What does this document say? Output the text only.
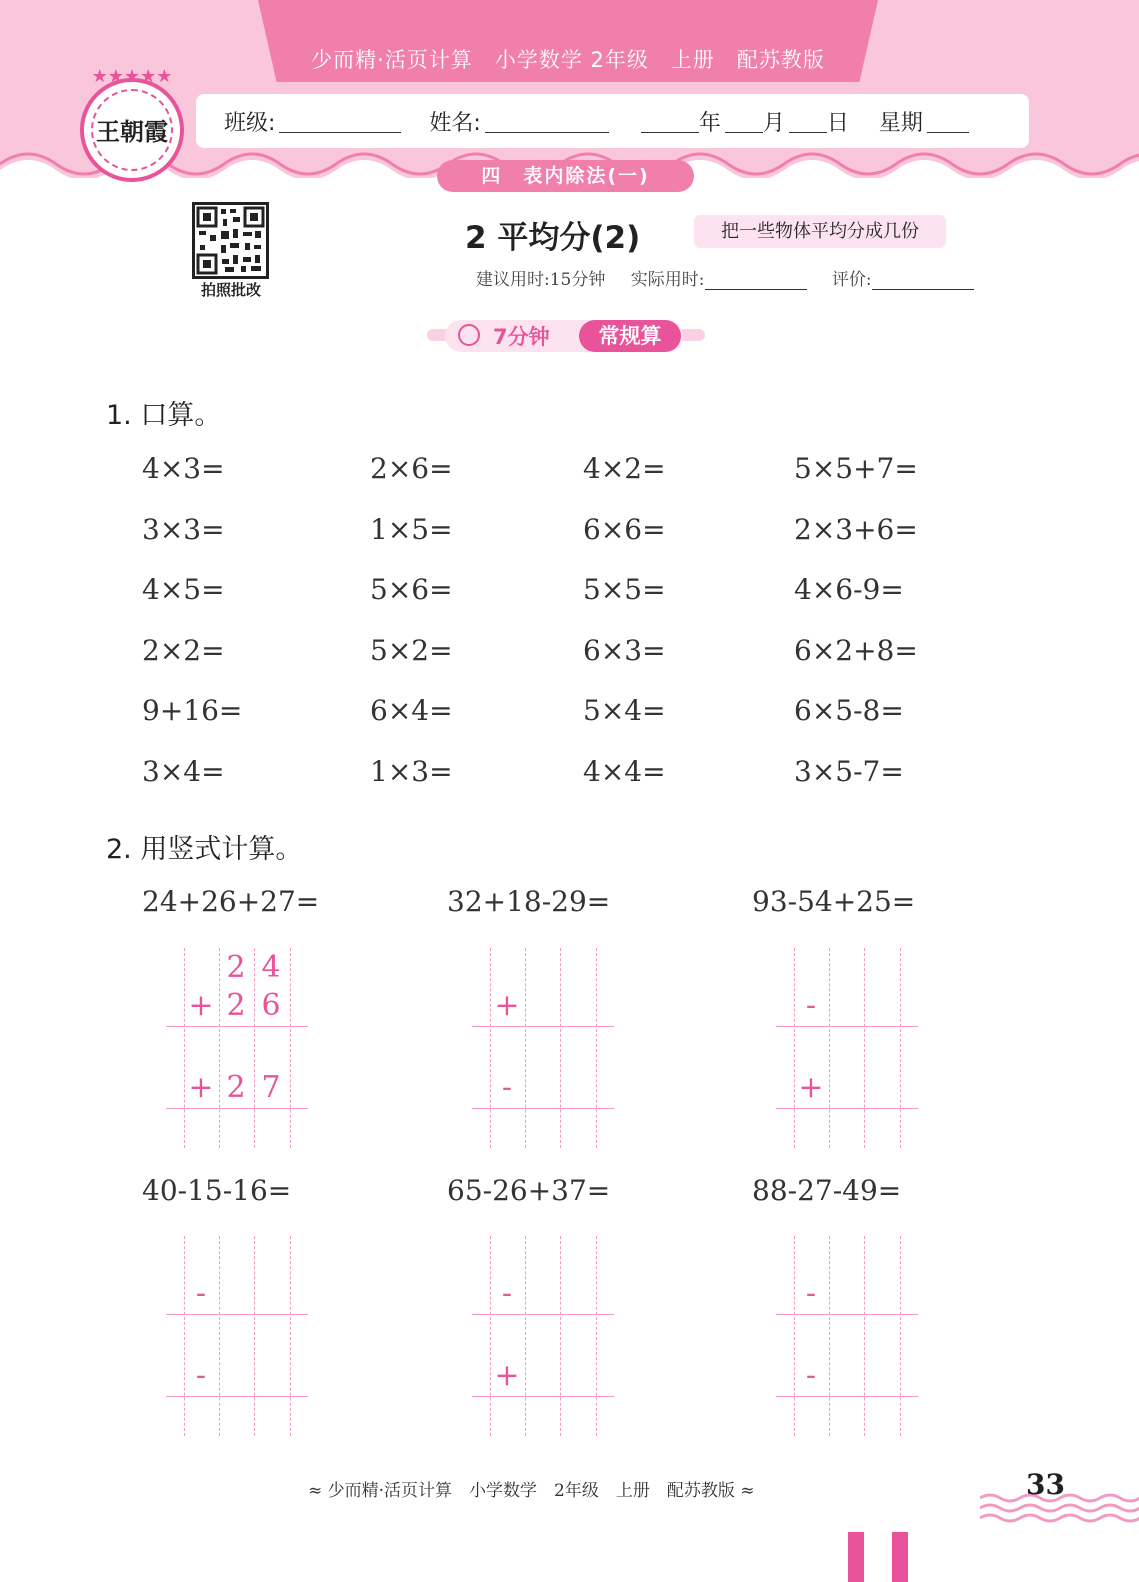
少而精·活页计算　小学数学 2年级　上册　配苏教版
班级:	姓名:	年 月 日 星期
四　表内除法(一)
★★★★★
王朝霞
拍照批改
2 平均分(2)	把一些物体平均分成几份
建议用时:15分钟 实际用时:	评价:
7分钟	常规算
1. 口算。
4×3=	2×6=	4×2=	5×5+7=
3×3=	1×5=	6×6=	2×3+6=
4×5=	5×6=	5×5=	4×6-9=
2×2=	5×2=	6×3=	6×2+8=
9+16=	6×4=	5×4=	6×5-8=
3×4=	1×3=	4×4=	3×5-7=
2. 用竖式计算。
24+26+27=
2 4
+ 2 6
+ 2 7
32+18-29=
+
-
93-54+25=
-
+
40-15-16=
-
-
65-26+37=
-
+
88-27-49=
-
-
≈ 少而精·活页计算　小学数学　2年级　上册　配苏教版 ≈	33
